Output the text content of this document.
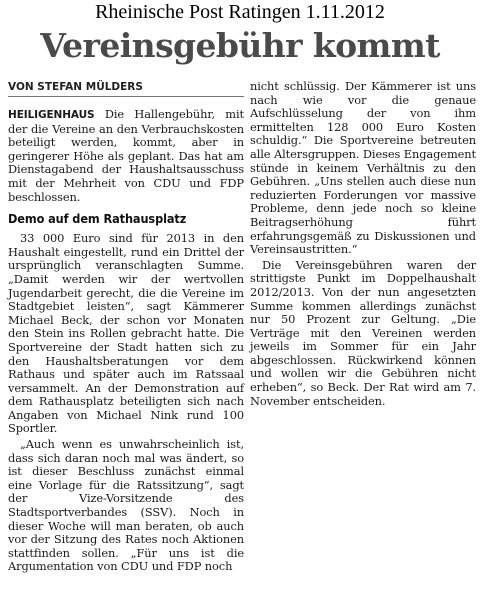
Rheinische Post Ratingen 1.11.2012
Vereinsgebühr kommt
VON STEFAN MÜLDERS

HEILIGENHAUS Die Hallengebühr, mit der die Vereine an den Verbrauchskosten beteiligt werden, kommt, aber in geringerer Höhe als geplant. Das hat am Dienstagabend der Haushaltsausschuss mit der Mehrheit von CDU und FDP beschlossen.

Demo auf dem Rathausplatz

33 000 Euro sind für 2013 in den Haushalt eingestellt, rund ein Drittel der ursprünglich veranschlagten Summe. „Damit werden wir der wertvollen Jugendarbeit gerecht, die die Vereine im Stadtgebiet leisten“, sagt Kämmerer Michael Beck, der schon vor Monaten den Stein ins Rollen gebracht hatte. Die Sportvereine der Stadt hatten sich zu den Haushaltsberatungen vor dem Rathaus und später auch im Ratssaal versammelt. An der Demonstration auf dem Rathausplatz beteiligten sich nach Angaben von Michael Nink rund 100 Sportler.

„Auch wenn es unwahrscheinlich ist, dass sich daran noch mal was ändert, so ist dieser Beschluss zunächst einmal eine Vorlage für die Ratssitzung“, sagt der Vize-Vorsitzende des Stadtsportverbandes (SSV). Noch in dieser Woche will man beraten, ob auch vor der Sitzung des Rates noch Aktionen stattfinden sollen. „Für uns ist die Argumentation von CDU und FDP noch

nicht schlüssig. Der Kämmerer ist uns nach wie vor die genaue Aufschlüsselung der von ihm ermittelten 128 000 Euro Kosten schuldig.“ Die Sportvereine betreuten alle Altersgruppen. Dieses Engagement stünde in keinem Verhältnis zu den Gebühren. „Uns stellen auch diese nun reduzierten Forderungen vor massive Probleme, denn jede noch so kleine Beitragserhöhung führt erfahrungsgemäß zu Diskussionen und Vereinsaustritten.“

Die Vereinsgebühren waren der strittigste Punkt im Doppelhaushalt 2012/2013. Von der nun angesetzten Summe kommen allerdings zunächst nur 50 Prozent zur Geltung. „Die Verträge mit den Vereinen werden jeweils im Sommer für ein Jahr abgeschlossen. Rückwirkend können und wollen wir die Gebühren nicht erheben“, so Beck. Der Rat wird am 7. November entscheiden.
